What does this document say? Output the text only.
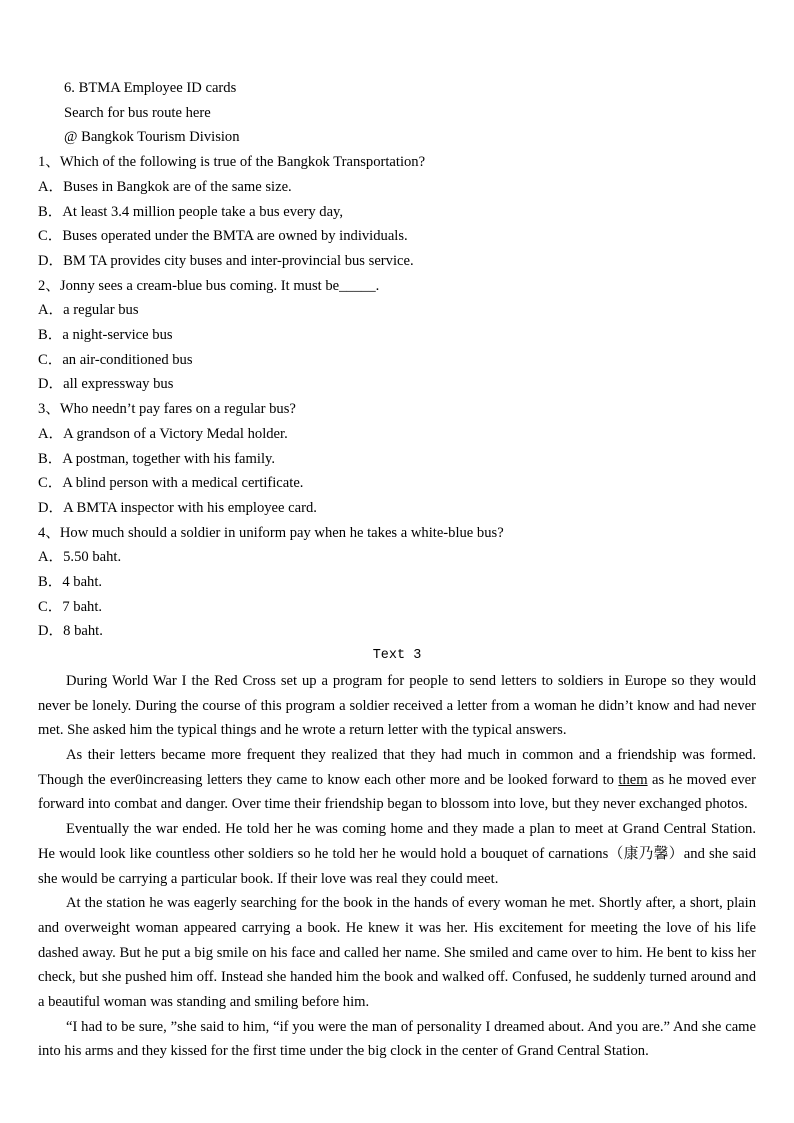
6. BTMA Employee ID cards
Search for bus route here
@ Bangkok Tourism Division
1、Which of the following is true of the Bangkok Transportation?
A．Buses in Bangkok are of the same size.
B．At least 3.4 million people take a bus every day,
C．Buses operated under the BMTA are owned by individuals.
D．BM TA provides city buses and inter-provincial bus service.
2、Jonny sees a cream-blue bus coming. It must be_____.
A．a regular bus
B．a night-service bus
C．an air-conditioned bus
D．all expressway bus
3、Who needn’t pay fares on a regular bus?
A．A grandson of a Victory Medal holder.
B．A postman, together with his family.
C．A blind person with a medical certificate.
D．A BMTA inspector with his employee card.
4、How much should a soldier in uniform pay when he takes a white-blue bus?
A．5.50 baht.
B．4 baht.
C．7 baht.
D．8 baht.
Text 3

During World War I the Red Cross set up a program for people to send letters to soldiers in Europe so they would never be lonely. During the course of this program a soldier received a letter from a woman he didn’t know and had never met. She asked him the typical things and he wrote a return letter with the typical answers.

As their letters became more frequent they realized that they had much in common and a friendship was formed. Though the ever0increasing letters they came to know each other more and be looked forward to them as he moved ever forward into combat and danger. Over time their friendship began to blossom into love, but they never exchanged photos.

Eventually the war ended. He told her he was coming home and they made a plan to meet at Grand Central Station. He would look like countless other soldiers so he told her he would hold a bouquet of carnations（康乃馨）and she said she would be carrying a particular book. If their love was real they could meet.

At the station he was eagerly searching for the book in the hands of every woman he met. Shortly after, a short, plain and overweight woman appeared carrying a book. He knew it was her. His excitement for meeting the love of his life dashed away. But he put a big smile on his face and called her name. She smiled and came over to him. He bent to kiss her check, but she pushed him off. Instead she handed him the book and walked off. Confused, he suddenly turned around and a beautiful woman was standing and smiling before him.

“I had to be sure, ”she said to him, “if you were the man of personality I dreamed about. And you are.” And she came into his arms and they kissed for the first time under the big clock in the center of Grand Central Station.
